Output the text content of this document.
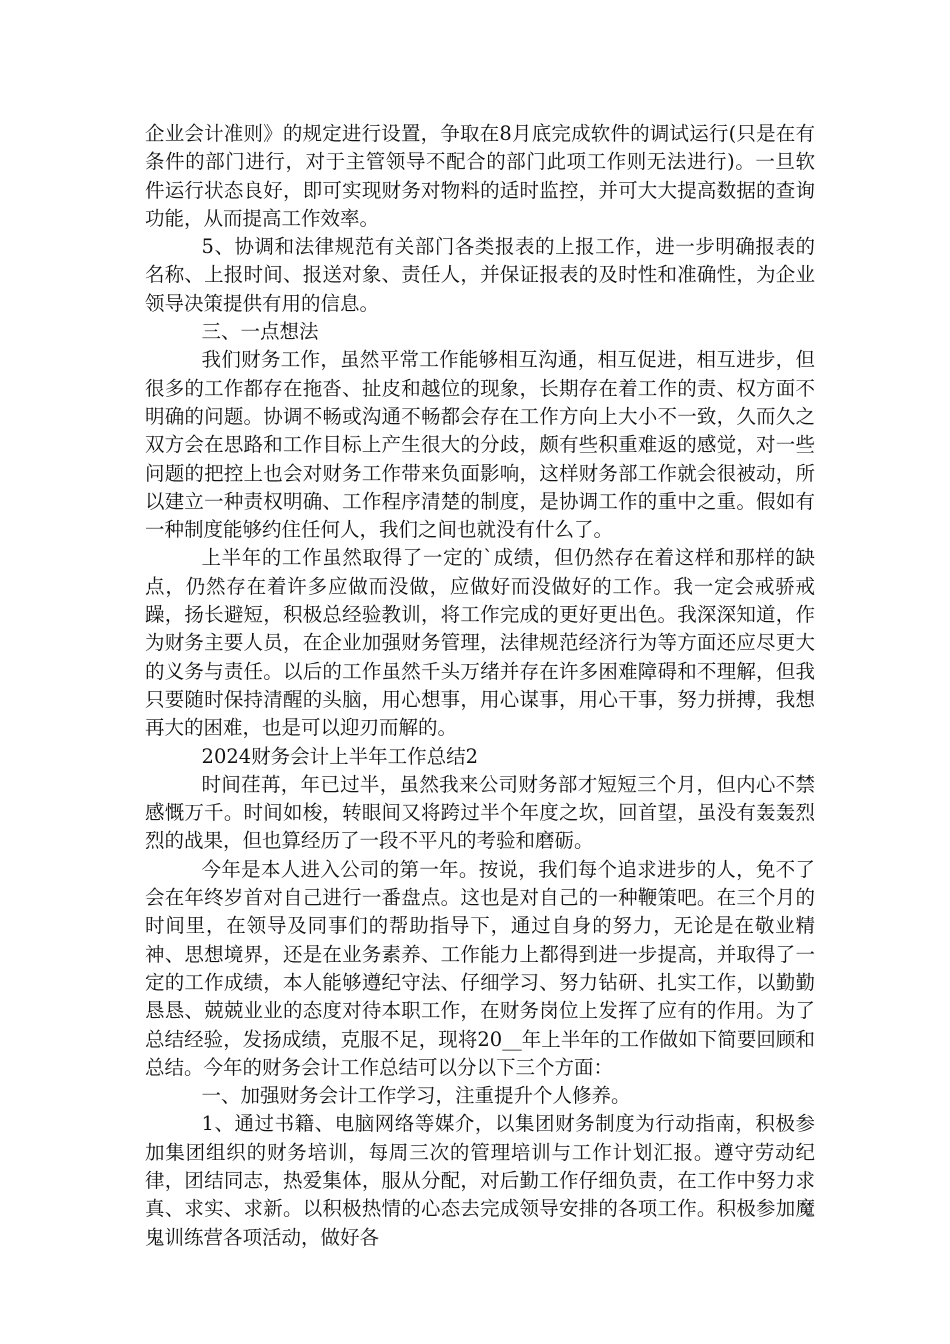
企业会计准则》的规定进行设置，争取在8月底完成软件的调试运行(只是在有条件的部门进行，对于主管领导不配合的部门此项工作则无法进行)。一旦软件运行状态良好，即可实现财务对物料的适时监控，并可大大提高数据的查询功能，从而提高工作效率。

5、协调和法律规范有关部门各类报表的上报工作，进一步明确报表的名称、上报时间、报送对象、责任人，并保证报表的及时性和准确性，为企业领导决策提供有用的信息。

三、一点想法

我们财务工作，虽然平常工作能够相互沟通，相互促进，相互进步，但很多的工作都存在拖沓、扯皮和越位的现象，长期存在着工作的责、权方面不明确的问题。协调不畅或沟通不畅都会存在工作方向上大小不一致，久而久之双方会在思路和工作目标上产生很大的分歧，颇有些积重难返的感觉，对一些问题的把控上也会对财务工作带来负面影响，这样财务部工作就会很被动，所以建立一种责权明确、工作程序清楚的制度，是协调工作的重中之重。假如有一种制度能够约住任何人，我们之间也就没有什么了。

上半年的工作虽然取得了一定的`成绩，但仍然存在着这样和那样的缺点，仍然存在着许多应做而没做，应做好而没做好的工作。我一定会戒骄戒躁，扬长避短，积极总经验教训，将工作完成的更好更出色。我深深知道，作为财务主要人员，在企业加强财务管理，法律规范经济行为等方面还应尽更大的义务与责任。以后的工作虽然千头万绪并存在许多困难障碍和不理解，但我只要随时保持清醒的头脑，用心想事，用心谋事，用心干事，努力拼搏，我想再大的困难，也是可以迎刃而解的。

2024财务会计上半年工作总结2

时间荏苒，年已过半，虽然我来公司财务部才短短三个月，但内心不禁感慨万千。时间如梭，转眼间又将跨过半个年度之坎，回首望，虽没有轰轰烈烈的战果，但也算经历了一段不平凡的考验和磨砺。

今年是本人进入公司的第一年。按说，我们每个追求进步的人，免不了会在年终岁首对自己进行一番盘点。这也是对自己的一种鞭策吧。在三个月的时间里，在领导及同事们的帮助指导下，通过自身的努力，无论是在敬业精神、思想境界，还是在业务素养、工作能力上都得到进一步提高，并取得了一定的工作成绩，本人能够遵纪守法、仔细学习、努力钻研、扎实工作，以勤勤恳恳、兢兢业业的态度对待本职工作，在财务岗位上发挥了应有的作用。为了总结经验，发扬成绩，克服不足，现将20__年上半年的工作做如下简要回顾和总结。今年的财务会计工作总结可以分以下三个方面：

一、加强财务会计工作学习，注重提升个人修养。

1、通过书籍、电脑网络等媒介，以集团财务制度为行动指南，积极参加集团组织的财务培训，每周三次的管理培训与工作计划汇报。遵守劳动纪律，团结同志，热爱集体，服从分配，对后勤工作仔细负责，在工作中努力求真、求实、求新。以积极热情的心态去完成领导安排的各项工作。积极参加魔鬼训练营各项活动，做好各
